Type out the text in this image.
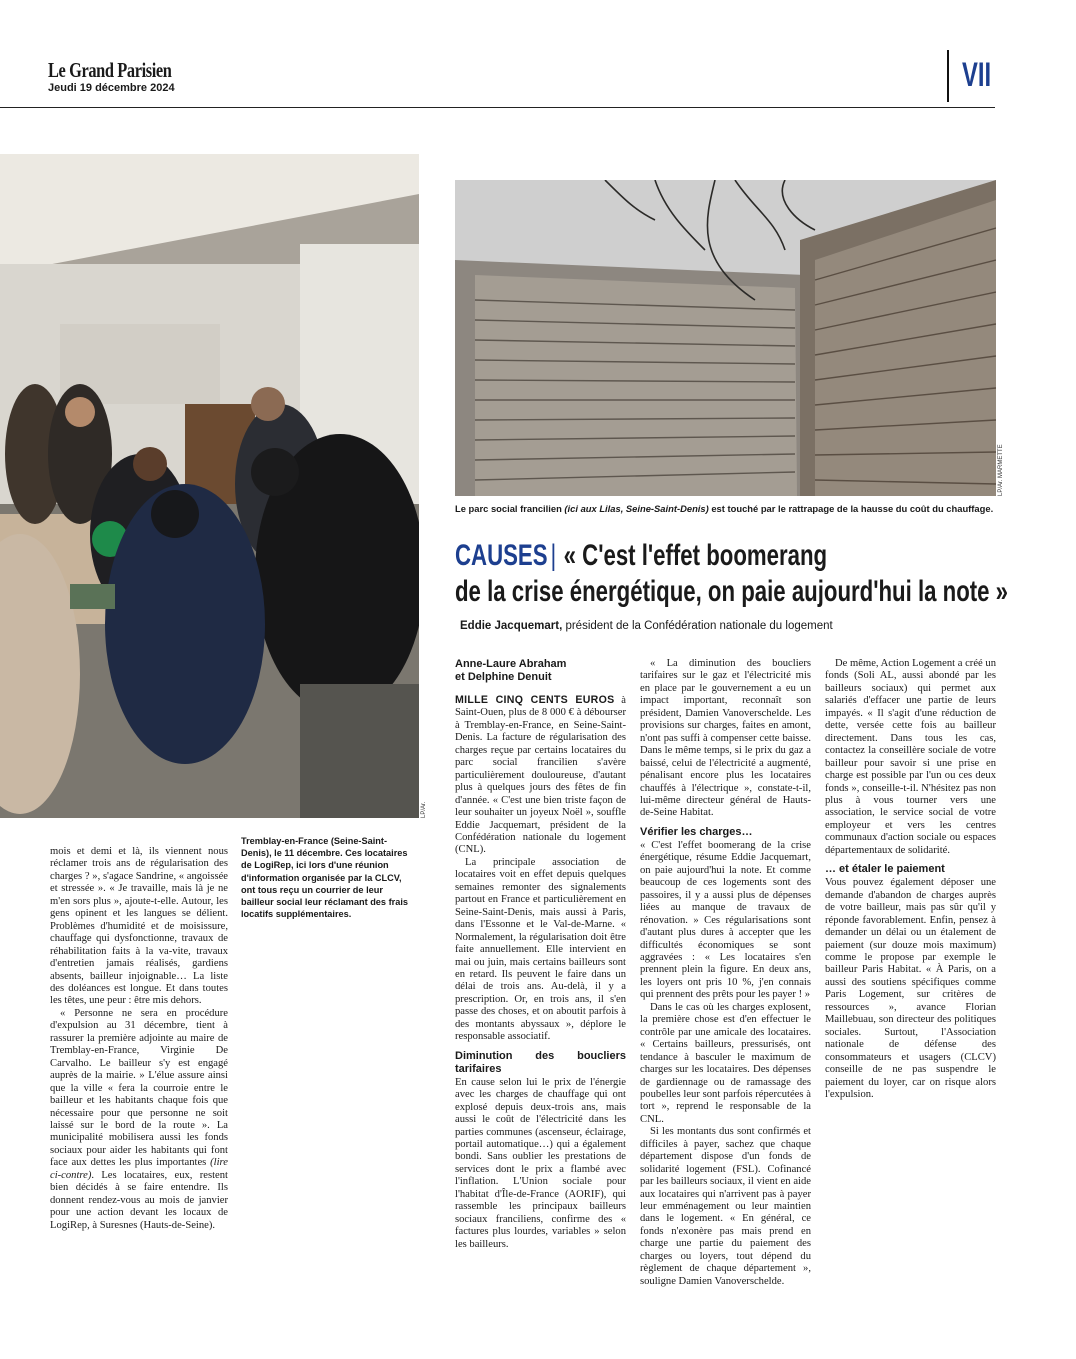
Le Grand Parisien
Jeudi 19 décembre 2024	VII
LP/Ar.
LP/Ar. MARMETTE
Le parc social francilien (ici aux Lilas, Seine-Saint-Denis) est touché par le rattrapage de la hausse du coût du chauffage.
Tremblay-en-France (Seine-Saint-Denis), le 11 décembre. Ces locataires de LogiRep, ici lors d'une réunion d'information organisée par la CLCV, ont tous reçu un courrier de leur bailleur social leur réclamant des frais locatifs supplémentaires.
CAUSES| « C'est l'effet boomerang
de la crise énergétique, on paie aujourd'hui la note »
Eddie Jacquemart, président de la Confédération nationale du logement

mois et demi et là, ils viennent nous réclamer trois ans de régularisation des charges ? », s'agace Sandrine, « angoissée et stressée ». « Je travaille, mais là je ne m'en sors plus », ajoute-t-elle. Autour, les gens opinent et les langues se délient. Problèmes d'humidité et de moisissure, chauffage qui dysfonctionne, travaux de réhabilitation faits à la va-vite, travaux d'entretien jamais réalisés, gardiens absents, bailleur injoignable… La liste des doléances est longue. Et dans toutes les têtes, une peur : être mis dehors.

« Personne ne sera en procédure d'expulsion au 31 décembre, tient à rassurer la première adjointe au maire de Tremblay-en-France, Virginie De Carvalho. Le bailleur s'y est engagé auprès de la mairie. » L'élue assure ainsi que la ville « fera la courroie entre le bailleur et les habitants chaque fois que nécessaire pour que personne ne soit laissé sur le bord de la route ». La municipalité mobilisera aussi les fonds sociaux pour aider les habitants qui font face aux dettes les plus importantes (lire ci-contre). Les locataires, eux, restent bien décidés à se faire entendre. Ils donnent rendez-vous au mois de janvier pour une action devant les locaux de LogiRep, à Suresnes (Hauts-de-Seine).

Anne-Laure Abraham
et Delphine Denuit

MILLE CINQ CENTS EUROS à Saint-Ouen, plus de 8 000 € à débourser à Tremblay-en-France, en Seine-Saint-Denis. La facture de régularisation des charges reçue par certains locataires du parc social francilien s'avère particulièrement douloureuse, d'autant plus à quelques jours des fêtes de fin d'année. « C'est une bien triste façon de leur souhaiter un joyeux Noël », souffle Eddie Jacquemart, président de la Confédération nationale du logement (CNL).

La principale association de locataires voit en effet depuis quelques semaines remonter des signalements partout en France et particulièrement en Seine-Saint-Denis, mais aussi à Paris, dans l'Essonne et le Val-de-Marne. « Normalement, la régularisation doit être faite annuellement. Elle intervient en mai ou juin, mais certains bailleurs sont en retard. Ils peuvent le faire dans un délai de trois ans. Au-delà, il y a prescription. Or, en trois ans, il s'en passe des choses, et on aboutit parfois à des montants abyssaux », déplore le responsable associatif.

Diminution des boucliers tarifaires

En cause selon lui le prix de l'énergie avec les charges de chauffage qui ont explosé depuis deux-trois ans, mais aussi le coût de l'électricité dans les parties communes (ascenseur, éclairage, portail automatique…) qui a également bondi. Sans oublier les prestations de services dont le prix a flambé avec l'inflation. L'Union sociale pour l'habitat d'Île-de-France (AORIF), qui rassemble les principaux bailleurs sociaux franciliens, confirme des « factures plus lourdes, variables » selon les bailleurs.

« La diminution des boucliers tarifaires sur le gaz et l'électricité mis en place par le gouvernement a eu un impact important, reconnaît son président, Damien Vanoverschelde. Les provisions sur charges, faites en amont, n'ont pas suffi à compenser cette baisse. Dans le même temps, si le prix du gaz a baissé, celui de l'électricité a augmenté, pénalisant encore plus les locataires chauffés à l'électrique », constate-t-il, lui-même directeur général de Hauts-de-Seine Habitat.

Vérifier les charges…

« C'est l'effet boomerang de la crise énergétique, résume Eddie Jacquemart, on paie aujourd'hui la note. Et comme beaucoup de ces logements sont des passoires, il y a aussi plus de dépenses liées au manque de travaux de rénovation. » Ces régularisations sont d'autant plus dures à accepter que les difficultés économiques se sont aggravées : « Les locataires s'en prennent plein la figure. En deux ans, les loyers ont pris 10 %, j'en connais qui prennent des prêts pour les payer ! »

Dans le cas où les charges explosent, la première chose est d'en effectuer le contrôle par une amicale des locataires. « Certains bailleurs, pressurisés, ont tendance à basculer le maximum de charges sur les locataires. Des dépenses de gardiennage ou de ramassage des poubelles leur sont parfois répercutées à tort », reprend le responsable de la CNL.

Si les montants dus sont confirmés et difficiles à payer, sachez que chaque département dispose d'un fonds de solidarité logement (FSL). Cofinancé par les bailleurs sociaux, il vient en aide aux locataires qui n'arrivent pas à payer leur emménagement ou leur maintien dans le logement. « En général, ce fonds n'exonère pas mais prend en charge une partie du paiement des charges ou loyers, tout dépend du règlement de chaque département », souligne Damien Vanoverschelde.

De même, Action Logement a créé un fonds (Soli AL, aussi abondé par les bailleurs sociaux) qui permet aux salariés d'effacer une partie de leurs impayés. « Il s'agit d'une réduction de dette, versée cette fois au bailleur directement. Dans tous les cas, contactez la conseillère sociale de votre bailleur pour savoir si une prise en charge est possible par l'un ou ces deux fonds », conseille-t-il. N'hésitez pas non plus à vous tourner vers une association, le service social de votre employeur et vers les centres communaux d'action sociale ou espaces départementaux de solidarité.

… et étaler le paiement

Vous pouvez également déposer une demande d'abandon de charges auprès de votre bailleur, mais pas sûr qu'il y réponde favorablement. Enfin, pensez à demander un délai ou un étalement de paiement (sur douze mois maximum) comme le propose par exemple le bailleur Paris Habitat. « À Paris, on a aussi des soutiens spécifiques comme Paris Logement, sur critères de ressources », avance Florian Maillebuau, son directeur des politiques sociales. Surtout, l'Association nationale de défense des consommateurs et usagers (CLCV) conseille de ne pas suspendre le paiement du loyer, car on risque alors l'expulsion.
